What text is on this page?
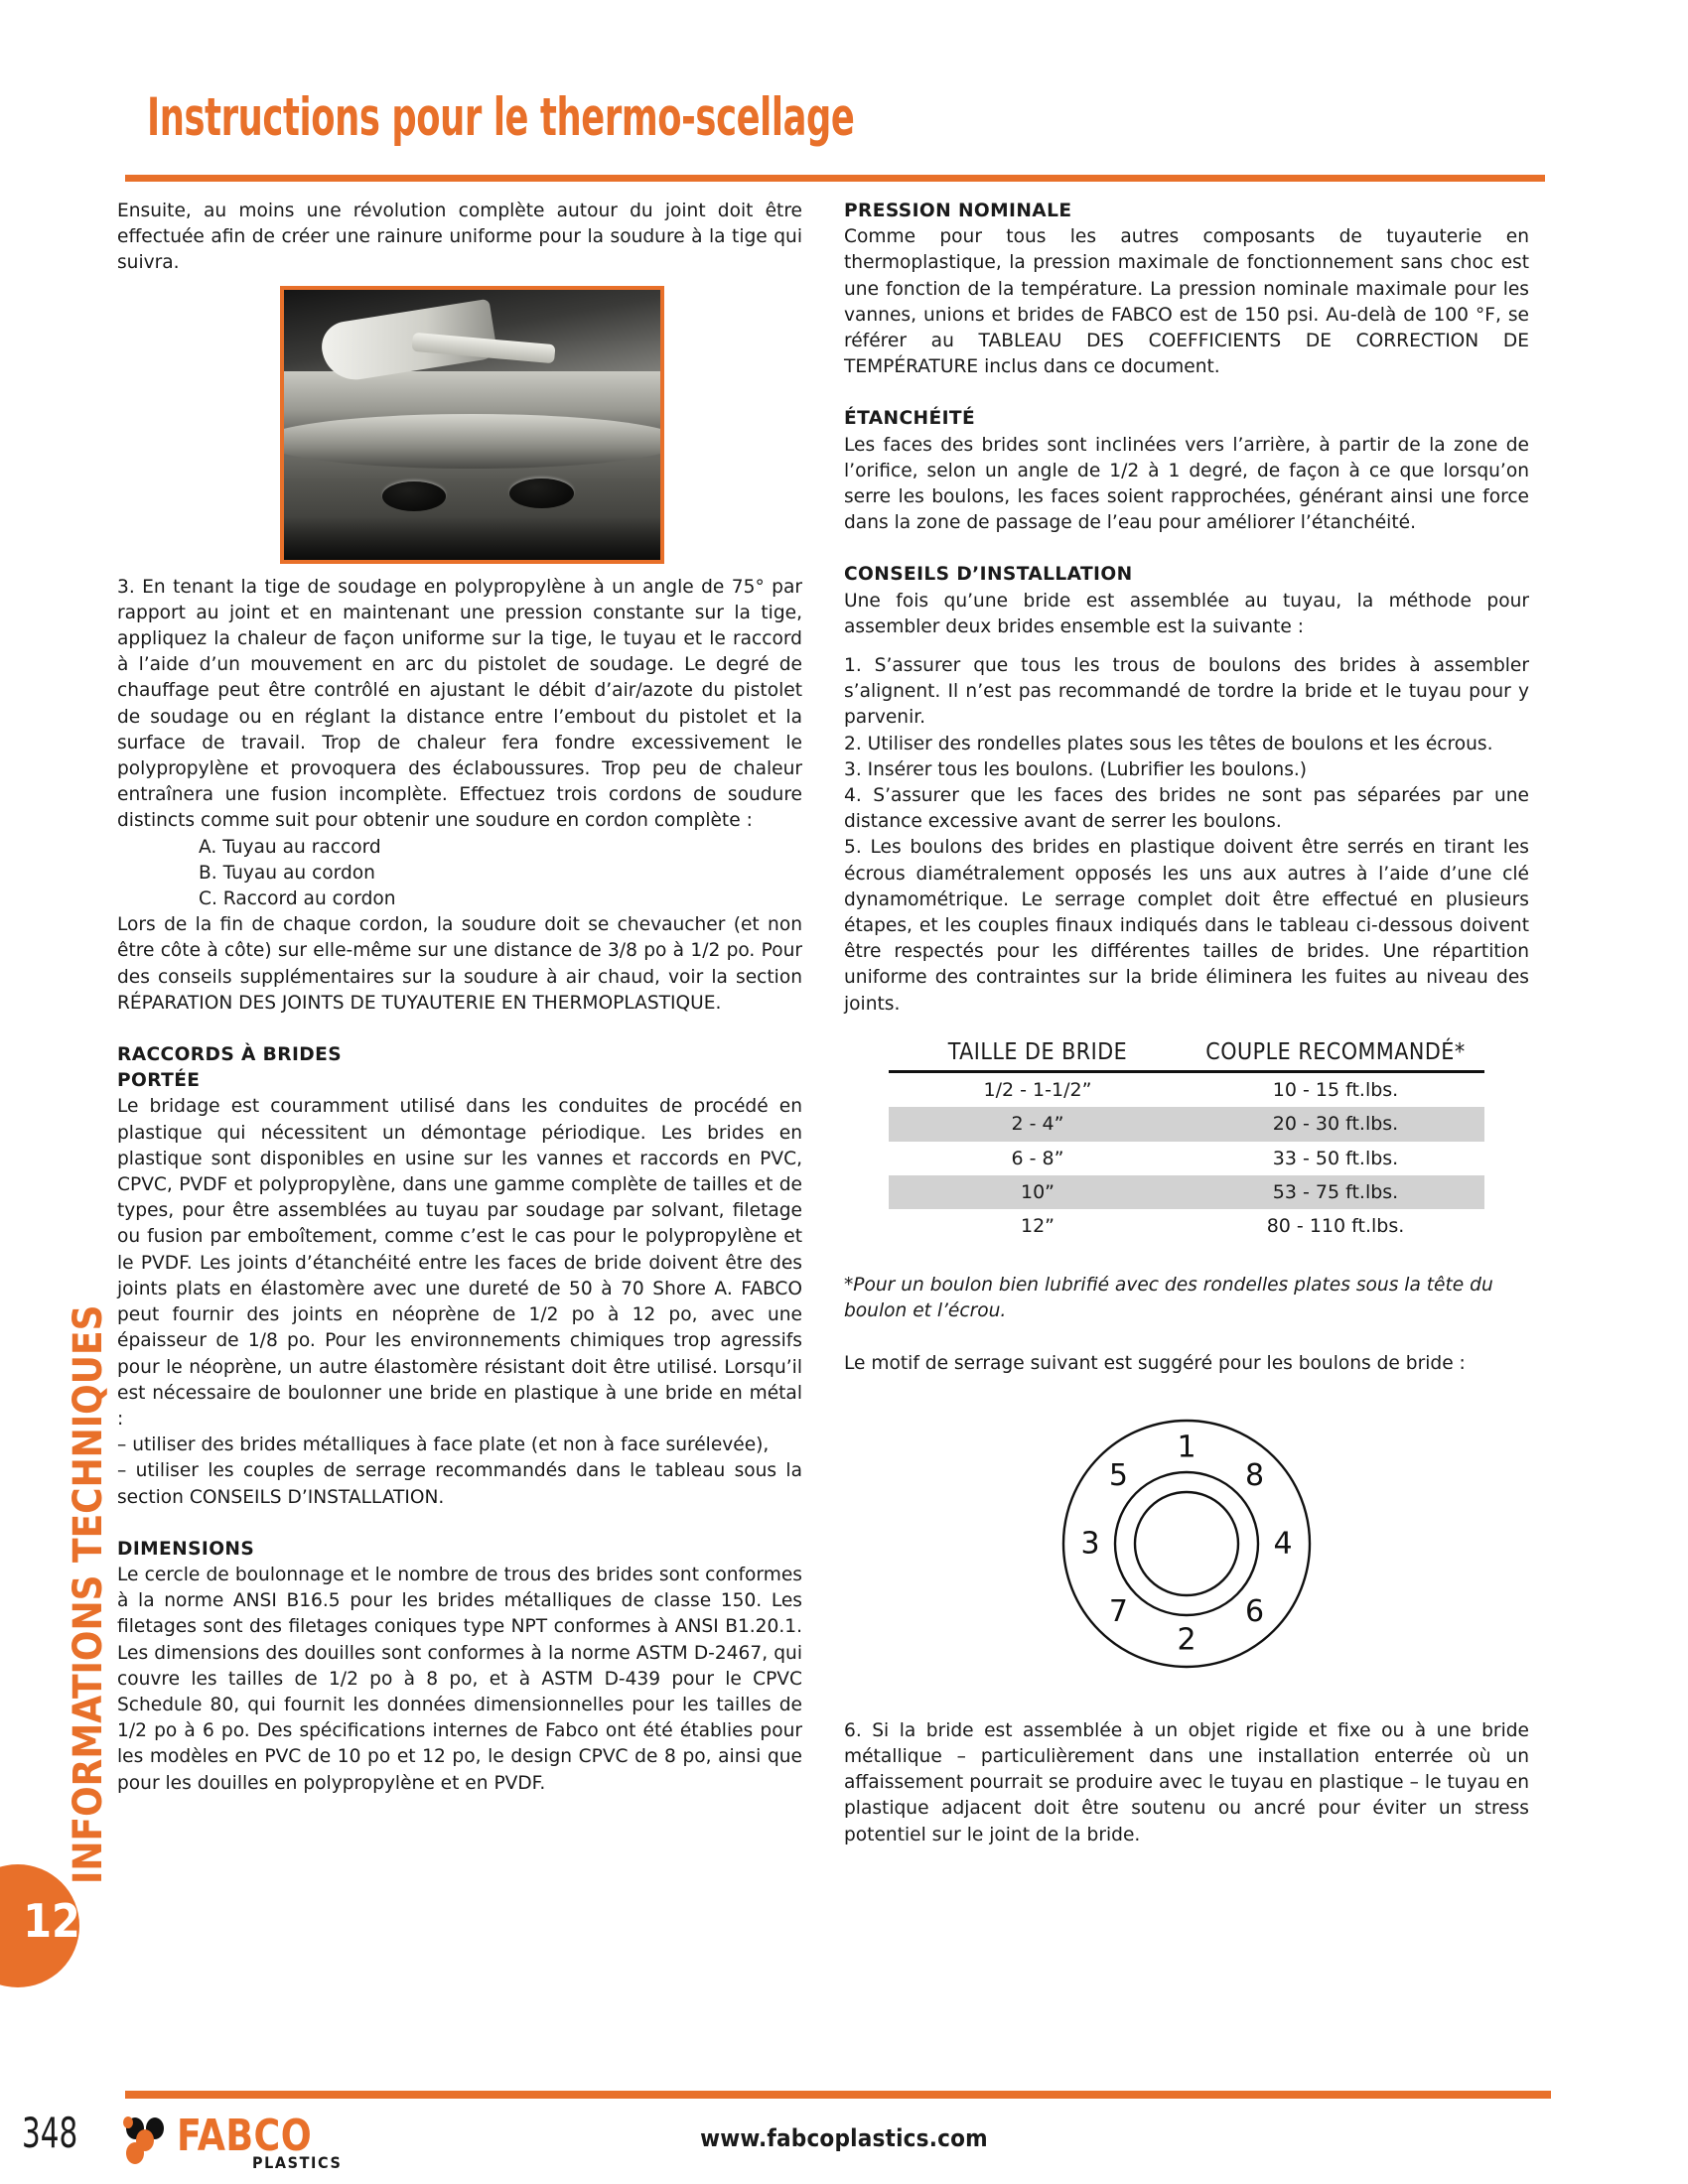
Instructions pour le thermo-scellage
INFORMATIONS TECHNIQUES
12

Ensuite, au moins une révolution complète autour du joint doit être effectuée afin de créer une rainure uniforme pour la soudure à la tige qui suivra.

3. En tenant la tige de soudage en polypropylène à un angle de 75° par rapport au joint et en maintenant une pression constante sur la tige, appliquez la chaleur de façon uniforme sur la tige, le tuyau et le raccord à l’aide d’un mouvement en arc du pistolet de soudage. Le degré de chauffage peut être contrôlé en ajustant le débit d’air/azote du pistolet de soudage ou en réglant la distance entre l’embout du pistolet et la surface de travail. Trop de chaleur fera fondre excessivement le polypropylène et provoquera des éclaboussures. Trop peu de chaleur entraînera une fusion incomplète. Effectuez trois cordons de soudure distincts comme suit pour obtenir une soudure en cordon complète :

A. Tuyau au raccord
B. Tuyau au cordon
C. Raccord au cordon

Lors de la fin de chaque cordon, la soudure doit se chevaucher (et non être côte à côte) sur elle-même sur une distance de 3/8 po à 1/2 po. Pour des conseils supplémentaires sur la soudure à air chaud, voir la section RÉPARATION DES JOINTS DE TUYAUTERIE EN THERMOPLASTIQUE.

RACCORDS À BRIDES
PORTÉE

Le bridage est couramment utilisé dans les conduites de procédé en plastique qui nécessitent un démontage périodique. Les brides en plastique sont disponibles en usine sur les vannes et raccords en PVC, CPVC, PVDF et polypropylène, dans une gamme complète de tailles et de types, pour être assemblées au tuyau par soudage par solvant, filetage ou fusion par emboîtement, comme c’est le cas pour le polypropylène et le PVDF. Les joints d’étanchéité entre les faces de bride doivent être des joints plats en élastomère avec une dureté de 50 à 70 Shore A. FABCO peut fournir des joints en néoprène de 1/2 po à 12 po, avec une épaisseur de 1/8 po. Pour les environnements chimiques trop agressifs pour le néoprène, un autre élastomère résistant doit être utilisé. Lorsqu’il est nécessaire de boulonner une bride en plastique à une bride en métal :

– utiliser des brides métalliques à face plate (et non à face surélevée),

– utiliser les couples de serrage recommandés dans le tableau sous la section CONSEILS D’INSTALLATION.

DIMENSIONS

Le cercle de boulonnage et le nombre de trous des brides sont conformes à la norme ANSI B16.5 pour les brides métalliques de classe 150. Les filetages sont des filetages coniques type NPT conformes à ANSI B1.20.1. Les dimensions des douilles sont conformes à la norme ASTM D-2467, qui couvre les tailles de 1/2 po à 8 po, et à ASTM D-439 pour le CPVC Schedule 80, qui fournit les données dimensionnelles pour les tailles de 1/2 po à 6 po. Des spécifications internes de Fabco ont été établies pour les modèles en PVC de 10 po et 12 po, le design CPVC de 8 po, ainsi que pour les douilles en polypropylène et en PVDF.

PRESSION NOMINALE

Comme pour tous les autres composants de tuyauterie en thermoplastique, la pression maximale de fonctionnement sans choc est une fonction de la température. La pression nominale maximale pour les vannes, unions et brides de FABCO est de 150 psi. Au-delà de 100 °F, se référer au TABLEAU DES COEFFICIENTS DE CORRECTION DE TEMPÉRATURE inclus dans ce document.

ÉTANCHÉITÉ

Les faces des brides sont inclinées vers l’arrière, à partir de la zone de l’orifice, selon un angle de 1/2 à 1 degré, de façon à ce que lorsqu’on serre les boulons, les faces soient rapprochées, générant ainsi une force dans la zone de passage de l’eau pour améliorer l’étanchéité.

CONSEILS D’INSTALLATION

Une fois qu’une bride est assemblée au tuyau, la méthode pour assembler deux brides ensemble est la suivante :

1. S’assurer que tous les trous de boulons des brides à assembler s’alignent. Il n’est pas recommandé de tordre la bride et le tuyau pour y parvenir.

2. Utiliser des rondelles plates sous les têtes de boulons et les écrous.

3. Insérer tous les boulons. (Lubrifier les boulons.)

4. S’assurer que les faces des brides ne sont pas séparées par une distance excessive avant de serrer les boulons.

5. Les boulons des brides en plastique doivent être serrés en tirant les écrous diamétralement opposés les uns aux autres à l’aide d’une clé dynamométrique. Le serrage complet doit être effectué en plusieurs étapes, et les couples finaux indiqués dans le tableau ci-dessous doivent être respectés pour les différentes tailles de brides. Une répartition uniforme des contraintes sur la bride éliminera les fuites au niveau des joints.

TAILLE DE BRIDE	COUPLE RECOMMANDÉ*
1/2 - 1-1/2”	10 - 15 ft.lbs.
2 - 4”	20 - 30 ft.lbs.
6 - 8”	33 - 50 ft.lbs.
10”	53 - 75 ft.lbs.
12”	80 - 110 ft.lbs.

*Pour un boulon bien lubrifié avec des rondelles plates sous la tête du boulon et l’écrou.

Le motif de serrage suivant est suggéré pour les boulons de bride :

1
8
4
6
2
7
3
5

6. Si la bride est assemblée à un objet rigide et fixe ou à une bride métallique – particulièrement dans une installation enterrée où un affaissement pourrait se produire avec le tuyau en plastique – le tuyau en plastique adjacent doit être soutenu ou ancré pour éviter un stress potentiel sur le joint de la bride.

348 FABCO
PLASTICS
www.fabcoplastics.com
